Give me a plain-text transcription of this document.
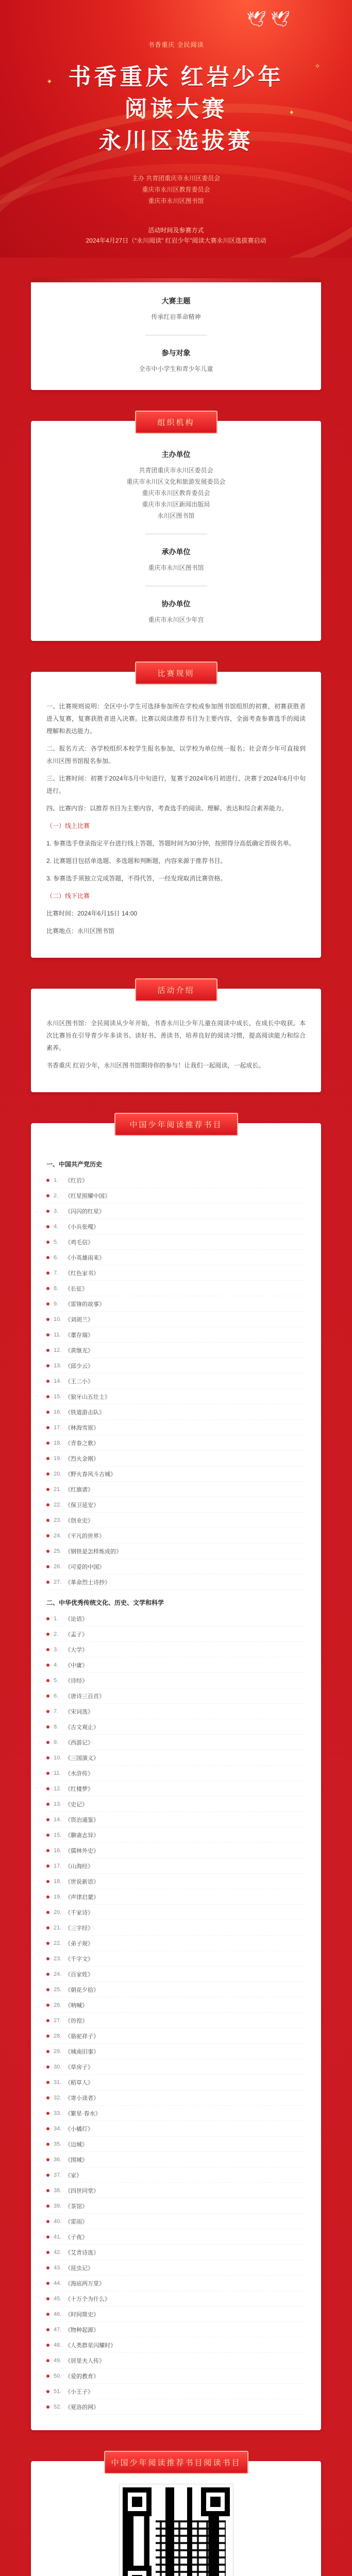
🕊 🕊
✦
✦
✧
书香重庆 全民阅读
书香重庆 红岩少年
阅读大赛
永川区选拔赛
主办 共青团重庆市永川区委员会
重庆市永川区教育委员会
重庆市永川区图书馆
活动时间及参赛方式
2024年4月27日（“永川阅读” 红岩少年”阅读大赛永川区选拔赛启动
大赛主题

传承红岩革命精神

参与对象

全市中小学生和青少年儿童

组织机构
主办单位

共青团重庆市永川区委员会

重庆市永川区文化和旅游发展委员会

重庆市永川区教育委员会

重庆市永川区新闻出版局

永川区图书馆

承办单位

重庆市永川区图书馆

协办单位

重庆市永川区少年宫

比赛规则

一、比赛规则说明：全区中小学生可选择参加所在学校或参加图书馆组织的初赛，初赛获胜者进入复赛，复赛获胜者进入决赛。比赛以阅读推荐书目为主要内容，全面考查参赛选手的阅读理解和表达能力。

二、报名方式：各学校组织本校学生报名参加，以学校为单位统一报名；社会青少年可直接到永川区图书馆报名参加。

三、比赛时间：初赛于2024年5月中旬进行，复赛于2024年6月初进行，决赛于2024年6月中旬进行。

四、比赛内容：以推荐书目为主要内容，考查选手的阅读、理解、表达和综合素养能力。

（一）线上比赛

1. 参赛选手登录指定平台进行线上答题，答题时间为30分钟，按照得分高低确定晋级名单。

2. 比赛题目包括单选题、多选题和判断题，内容来源于推荐书目。

3. 参赛选手须独立完成答题，不得代答，一经发现取消比赛资格。

（二）线下比赛

比赛时间：2024年6月15日 14:00

比赛地点：永川区图书馆

活动介绍

永川区图书馆：全民阅读从少年开始，书香永川让少年儿童在阅读中成长，在成长中收获。本次比赛旨在引导青少年多读书、读好书、善读书，培养良好的阅读习惯，提高阅读能力和综合素养。

书香重庆 红岩少年，永川区图书馆期待你的参与！让我们一起阅读，一起成长。

中国少年阅读推荐书目
一、中国共产党历史
1.	《红岩》
2.	《红星照耀中国》
3.	《闪闪的红星》
4.	《小兵张嘎》
5.	《鸡毛信》
6.	《小英雄雨来》
7.	《红色家书》
8.	《长征》
9.	《雷锋的故事》
10. 《刘胡兰》
11. 《董存瑞》
12. 《黄继光》
13. 《邱少云》
14. 《王二小》
15. 《狼牙山五壮士》
16. 《铁道游击队》
17. 《林海雪原》
18. 《青春之歌》
19. 《烈火金刚》
20. 《野火春风斗古城》
21. 《红旗谱》
22. 《保卫延安》
23. 《创业史》
24. 《平凡的世界》
25. 《钢铁是怎样炼成的》
26. 《可爱的中国》
27. 《革命烈士诗抄》
二、中华优秀传统文化、历史、文学和科学
1.	《论语》
2.	《孟子》
3.	《大学》
4.	《中庸》
5.	《诗经》
6.	《唐诗三百首》
7.	《宋词选》
8.	《古文观止》
9.	《西游记》
10. 《三国演义》
11. 《水浒传》
12. 《红楼梦》
13. 《史记》
14. 《资治通鉴》
15. 《聊斋志异》
16. 《儒林外史》
17. 《山海经》
18. 《世说新语》
19. 《声律启蒙》
20. 《千家诗》
21. 《三字经》
22. 《弟子规》
23. 《千字文》
24. 《百家姓》
25. 《朝花夕拾》
26. 《呐喊》
27. 《彷徨》
28. 《骆驼祥子》
29. 《城南旧事》
30. 《草房子》
31. 《稻草人》
32. 《寄小读者》
33. 《繁星·春水》
34. 《小橘灯》
35. 《边城》
36. 《围城》
37. 《家》
38. 《四世同堂》
39. 《茶馆》
40. 《雷雨》
41. 《子夜》
42. 《艾青诗选》
43. 《昆虫记》
44. 《海底两万里》
45. 《十万个为什么》
46. 《时间简史》
47. 《物种起源》
48. 《人类群星闪耀时》
49. 《居里夫人传》
50. 《爱的教育》
51. 《小王子》
52. 《夏洛的网》
中国少年阅读推荐书目阅读书目
